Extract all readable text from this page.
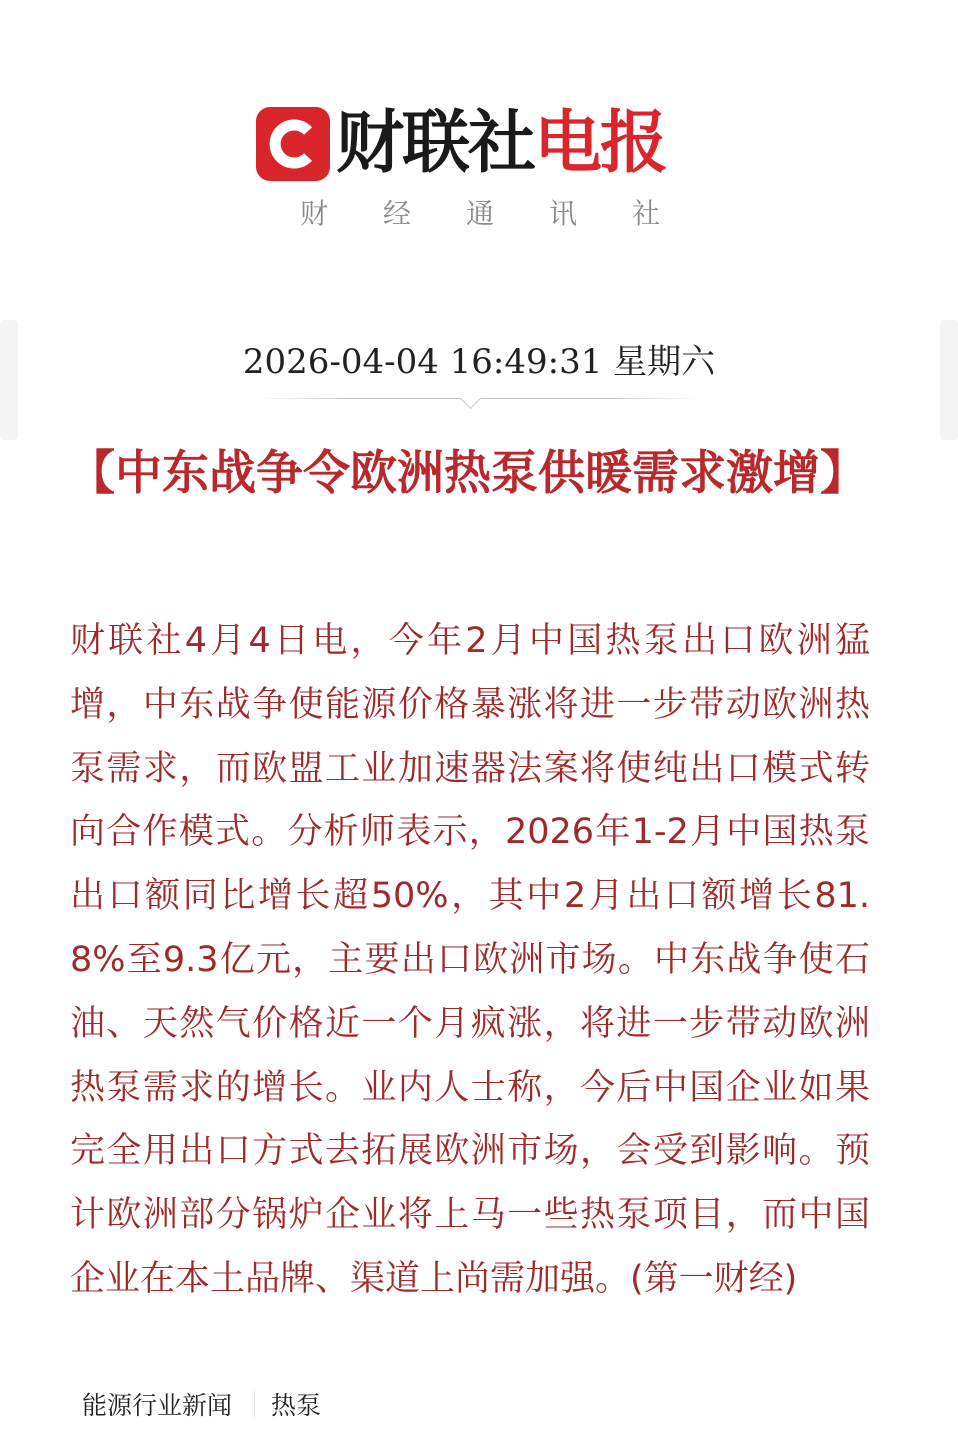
财联社电报
财 经 通 讯 社
2026-04-04 16:49:31 星期六
【中东战争令欧洲热泵供暖需求激增】

财联社4月4日电，今年2月中国热泵出口欧洲猛增，中东战争使能源价格暴涨将进一步带动欧洲热泵需求，而欧盟工业加速器法案将使纯出口模式转向合作模式。分析师表示，2026年1-2月中国热泵出口额同比增长超50%，其中2月出口额增长81.8%至9.3亿元，主要出口欧洲市场。中东战争使石油、天然气价格近一个月疯涨，将进一步带动欧洲热泵需求的增长。业内人士称，今后中国企业如果完全用出口方式去拓展欧洲市场，会受到影响。预计欧洲部分锅炉企业将上马一些热泵项目，而中国企业在本土品牌、渠道上尚需加强。(第一财经)

能源行业新闻 热泵
